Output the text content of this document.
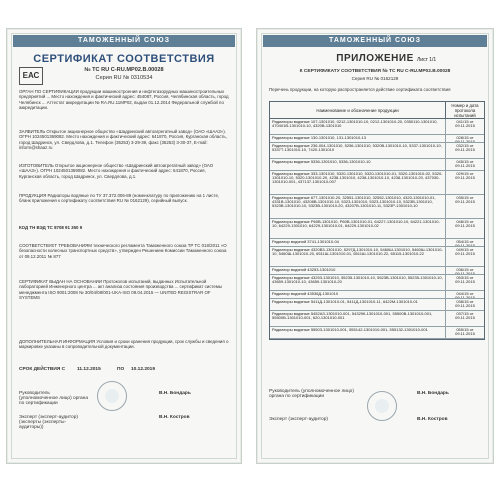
ТАМОЖЕННЫЙ СОЮЗ
СЕРТИФИКАТ СООТВЕТСТВИЯ
№ ТС RU C-RU.MP02.B.00028
Серия RU № 0310534
ЕАС
ОРГАН ПО СЕРТИФИКАЦИИ продукции машиностроения и нефтегазорудных машиностроительных предприятий ... Место нахождения и фактический адрес: 454087, Россия, Челябинская область, город Челябинск ... Аттестат аккредитации № RA.RU.11MP02, выдан 01.12.2014 Федеральной службой по аккредитации.
ЗАЯВИТЕЛЬ Открытое акционерное общество «Шадринский автоагрегатный завод» (ОАО «ШААЗ»). ОГРН 1024501369082. Место нахождения и фактический адрес: 641870, Россия, Курганская область, город Шадринск, ул. Свердлова, д.1. Телефон (35253) 3-29-39, факс (35253) 3-30-37, E-mail: inform@shaaz.ru
ИЗГОТОВИТЕЛЬ Открытое акционерное общество «Шадринский автоагрегатный завод» (ОАО «ШААЗ»). ОГРН 1024501369082. Место нахождения и фактический адрес: 641870, Россия, Курганская область, город Шадринск, ул. Свердлова, д.1.
ПРОДУКЦИЯ Радиаторы водяные по ТУ 37.372.006-89 (номенклатуру по приложению на 1 листе, бланк приложения к сертификату соответствия RU № 0162129), серийный выпуск.
КОД ТН ВЭД ТС 8708 91 350 9
СООТВЕТСТВУЕТ ТРЕБОВАНИЯМ технического регламента Таможенного союза ТР ТС 018/2011 «О безопасности колесных транспортных средств», утвержден Решением Комиссии Таможенного союза от 09.12.2011 № 877
СЕРТИФИКАТ ВЫДАН НА ОСНОВАНИИ Протоколов испытаний, выданных Испытательной лабораторией Инженерного центра ... акт анализа состояния производства ... сертификат системы менеджмента ISO 9001:2008 № 30/04/08/001-UKA-ISO 09.04.2015 — UNITED REGISTRAR OF SYSTEMS
ДОПОЛНИТЕЛЬНАЯ ИНФОРМАЦИЯ Условия и сроки хранения продукции, срок службы и сведения о маркировке указаны в сопроводительной документации.
СРОК ДЕЙСТВИЯ С 11.12.2015	ПО 10.12.2019
Руководитель (уполномоченное лицо) органа по сертификации
В.Н. Бондарь
Эксперт (эксперт-аудитор) (эксперты (эксперты-аудиторы))
В.Н. Костров
ТАМОЖЕННЫЙ СОЮЗ
ПРИЛОЖЕНИЕ Лист 1/1
К СЕРТИФИКАТУ СООТВЕТСТВИЯ № ТС RU C-RU.MP02.B.00028
Серия RU № 0162129
Перечень продукции, на которую распространяется действие сертификата соответствия
Наименование и обозначение продукции
Номер и дата протокола испытаний
Радиаторы водяные 107-1301010, 0212-1301010-10, 0212-1301010-20, 0350110-1301010, 470401В-1301010-10, 4320В-1301010
041/15 от 09.11.2015
Радиаторы водяные 130-1301010, 131-1301010-13	028/15 от 09.11.2015
Радиаторы водяные 236-004-1301010, 5256-1301010, 5320В-1301010-10, 5337-1301010-10, 5337Т-1301010-10, 7420-1301010
032/15 от 09.11.2015
Радиаторы водяные 5336-1301010, 5336-1301010-10	045/15 от 09.11.2015
Радиаторы водяные 333-1301010, 5320-1301010, 5320-1301010-01, 5320-1301010-02, 5320-1301010-10, 5320-1301010-20, 4238-1301010, 4238-1301010-10, 4238-1301010-20, 437030-1301010-001, 437137-1301010-007
029/15 от 09.11.2015
Радиаторы водяные 677-1301010-20, 32551-1301010, 32552-1301010, 4320-1301010-01, 4331В-1301010, 43208В-1301010-10, 5323-1301010, 5323-1301010-10, 5323В-1301010, 5323В-1301010-10, 5323В-1301010-20, 43207В-1301010-11, 5323Р-1301010-10
035/15 от 09.11.2015
Радиаторы водяные Р60В-1301010, Р60В-1301010-01, 64227-1301010-10, 64221-1301010-10, 64229-1301010, 64229-1301010-01, 64229-1301010-02
048/15 от 09.11.2015
Радиатор водяной 3741-1301010-04	054/15 от 09.11.2015
Радиаторы водяные 4320В3-1301010, 5297Д-1301010-10, 5460Ш-1301010, 5460Ш-1301010-10, 5460Ш-1301010-20, 6511Ш-1301010-01, 6511Ш-1301010-22, 65115-1301010-22
049/15 от 09.11.2015
Радиатор водяной 43253-1301010	036/15 от 09.11.2015
Радиаторы водяные 43253-1301010, 55235-1301010-10, 5523В-1301010, 55235-1301010-10, 43659-1301010-10, 43659-1301010-20
053/15 от 09.11.2015
Радиатор водяной 43536Д-1301010	044/15 от 09.11.2015
Радиаторы водяные 5411Д-1301010-01, 5411Д-1301010-11, 6422М-1301010-01	038/15 от 09.11.2015
Радиаторы водяные 5452АЗ-1301010-001, 54329К-1301010-001, 55500В-1301010-001, 55500В-1301010-001, 620-1301010-001
037/15 от 09.11.2015
Радиаторы водяные 55503-1301010-001, 555142-1301010-001, 555132-1301010-001	055/15 от 09.11.2015
Руководитель (уполномоченное лицо) органа по сертификации
В.Н. Бондарь
Эксперт (эксперт-аудитор)	В.Н. Костров
